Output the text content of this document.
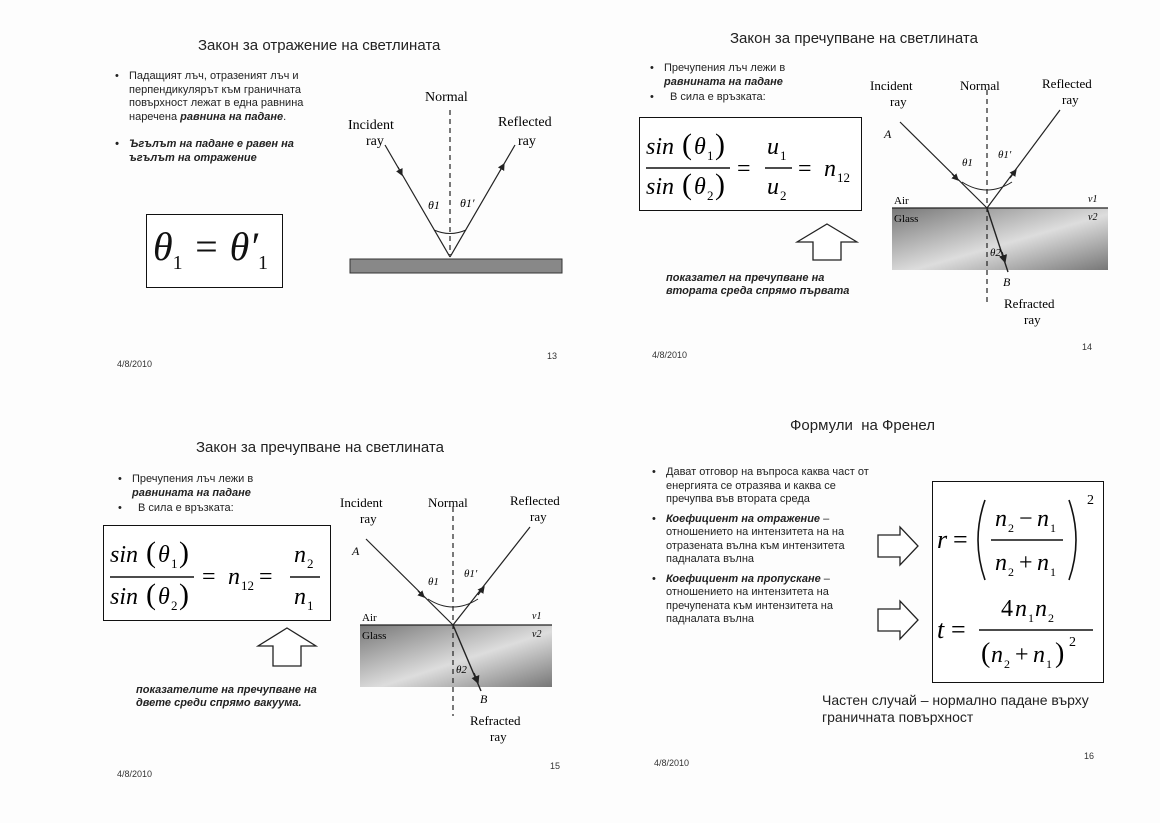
Закон за отражение на светлината
• Падащият лъч, отразеният лъч и перпендикулярът към граничната повърхност лежат в една равнина наречена равнина на падане.
• Ъгълът на падане е равен на ъгълът на отражение
$\theta_1 = \theta'_1$
Normal
Incident
ray
Reflected
ray
θ1 θ1′
4/8/2010
13
Закон за пречупване на светлината
• Пречупения лъч лежи в
равнината на падане
• В сила е връзката:
sin ( θ 1 )
sin ( θ 2 ) =
u 1
u 2
= n 12
показател на пречупване на втората среда спрямо първата
Incident
ray
Normal	Reflected
ray
A
θ1
θ1′
Air
Glass
v1
v2
θ2
B
Refracted
ray
4/8/2010
14
Закон за пречупване на светлината
• Пречупения лъч лежи в
равнината на падане
• В сила е връзката:
sin ( θ 1 )
sin ( θ 2 )
= n 12 =
n 2
n 1
показателите на пречупване на двете среди спрямо вакуума.
Incident
ray
Normal	Reflected
ray
A
θ1
θ1′
Air
Glass
v1
v2
θ2
B
Refracted
ray
4/8/2010
15
Формули  на Френел
• Дават отговор на въпроса каква част от енергията се отразява и каква се пречупва във втората среда
• Коефициент на отражение – отношението на интензитета на на отразената вълна към интензитета падналата вълна
• Коефициент на пропускане – отношението на интензитета на пречупената към интензитета на падналата вълна
r =
n 2 − n 1
n 2 + n 1
2
t =
4 n 1 n 2
( n 2 + n 1 ) 2
Частен случай – нормално падане върху граничната повърхност
4/8/2010
16
